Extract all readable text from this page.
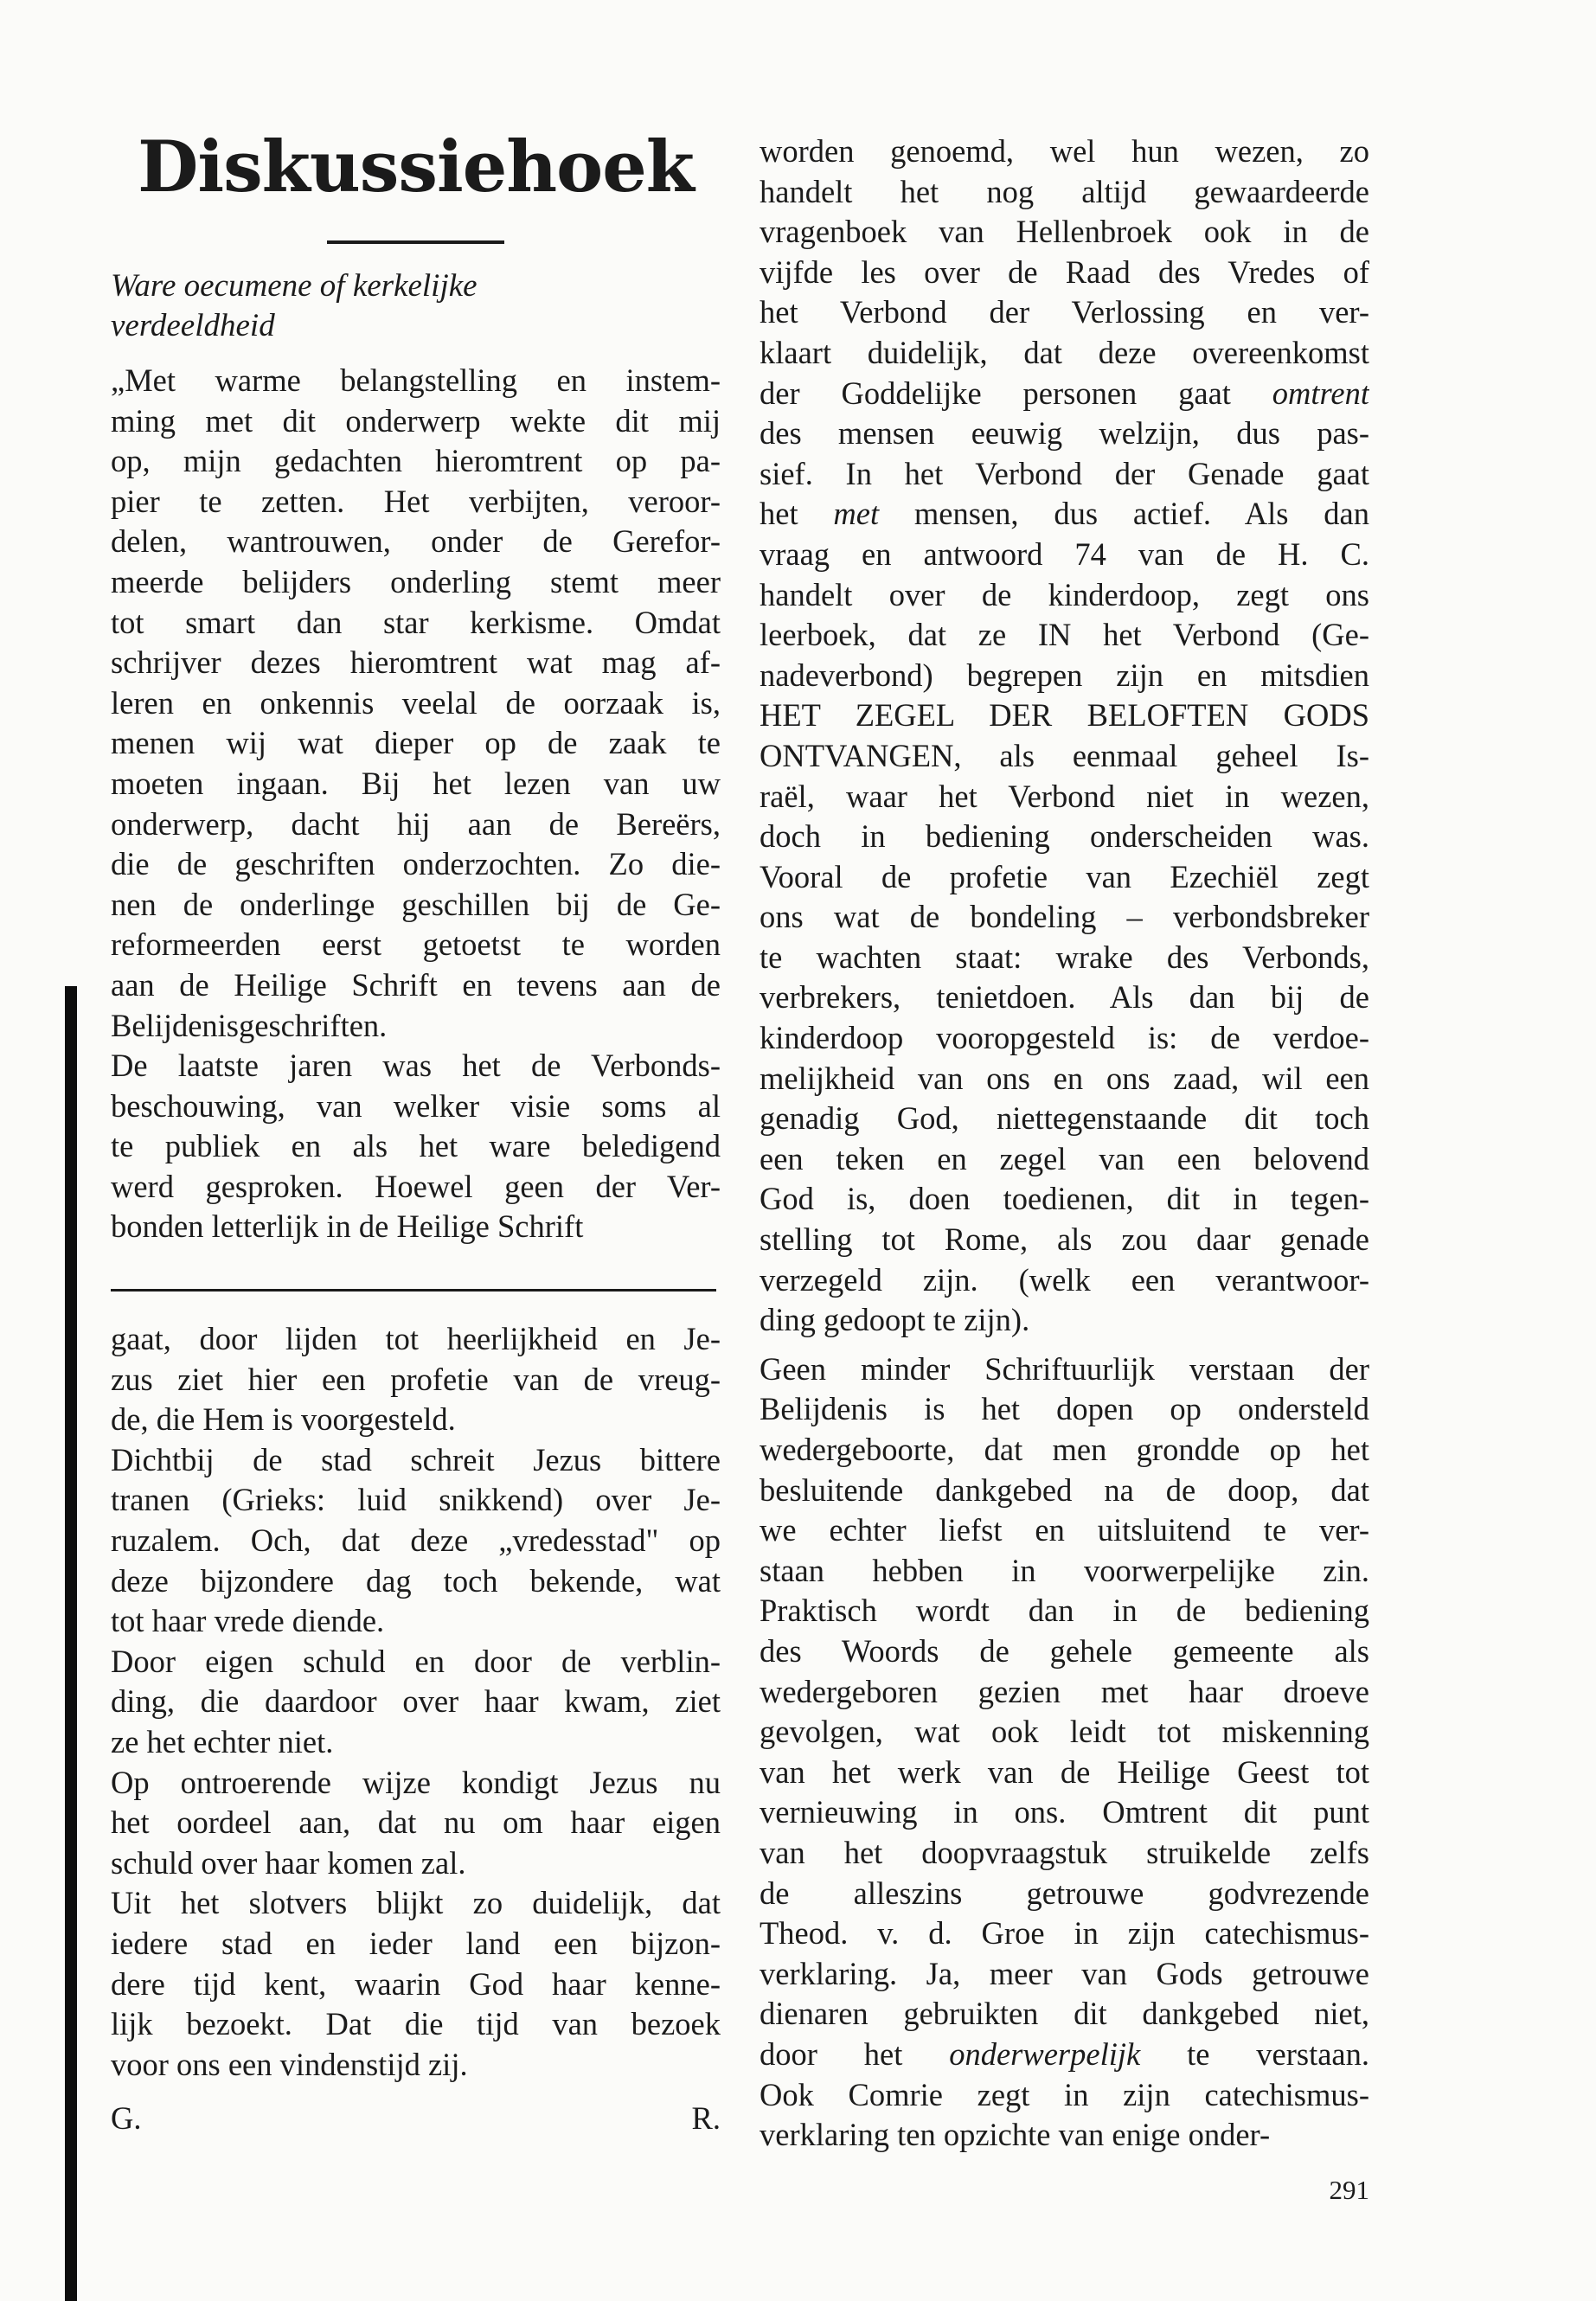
Diskussiehoek
Ware oecumene of kerkelijke
verdeeldheid

„Met warme belangstelling en instem-
ming met dit onderwerp wekte dit mij
op, mijn gedachten hieromtrent op pa-
pier te zetten. Het verbijten, veroor-
delen, wantrouwen, onder de Gerefor-
meerde belijders onderling stemt meer
tot smart dan star kerkisme. Omdat
schrijver dezes hieromtrent wat mag af-
leren en onkennis veelal de oorzaak is,
menen wij wat dieper op de zaak te
moeten ingaan. Bij het lezen van uw
onderwerp, dacht hij aan de Bereërs,
die de geschriften onderzochten. Zo die-
nen de onderlinge geschillen bij de Ge-
reformeerden eerst getoetst te worden
aan de Heilige Schrift en tevens aan de
Belijdenisgeschriften.

De laatste jaren was het de Verbonds-
beschouwing, van welker visie soms al
te publiek en als het ware beledigend
werd gesproken. Hoewel geen der Ver-
bonden letterlijk in de Heilige Schrift

gaat, door lijden tot heerlijkheid en Je-
zus ziet hier een profetie van de vreug-
de, die Hem is voorgesteld.

Dichtbij de stad schreit Jezus bittere
tranen (Grieks: luid snikkend) over Je-
ruzalem. Och, dat deze „vredesstad" op
deze bijzondere dag toch bekende, wat
tot haar vrede diende.

Door eigen schuld en door de verblin-
ding, die daardoor over haar kwam, ziet
ze het echter niet.

Op ontroerende wijze kondigt Jezus nu
het oordeel aan, dat nu om haar eigen
schuld over haar komen zal.

Uit het slotvers blijkt zo duidelijk, dat
iedere stad en ieder land een bijzon-
dere tijd kent, waarin God haar kenne-
lijk bezoekt. Dat die tijd van bezoek
voor ons een vindenstijd zij.

G.	R.

worden genoemd, wel hun wezen, zo
handelt het nog altijd gewaardeerde
vragenboek van Hellenbroek ook in de
vijfde les over de Raad des Vredes of
het Verbond der Verlossing en ver-
klaart duidelijk, dat deze overeenkomst
der Goddelijke personen gaat omtrent
des mensen eeuwig welzijn, dus pas-
sief. In het Verbond der Genade gaat
het met mensen, dus actief. Als dan
vraag en antwoord 74 van de H. C.
handelt over de kinderdoop, zegt ons
leerboek, dat ze IN het Verbond (Ge-
nadeverbond) begrepen zijn en mitsdien
HET ZEGEL DER BELOFTEN GODS
ONTVANGEN, als eenmaal geheel Is-
raël, waar het Verbond niet in wezen,
doch in bediening onderscheiden was.
Vooral de profetie van Ezechiël zegt
ons wat de bondeling – verbondsbreker
te wachten staat: wrake des Verbonds,
verbrekers, tenietdoen. Als dan bij de
kinderdoop vooropgesteld is: de verdoe-
melijkheid van ons en ons zaad, wil een
genadig God, niettegenstaande dit toch
een teken en zegel van een belovend
God is, doen toedienen, dit in tegen-
stelling tot Rome, als zou daar genade
verzegeld zijn. (welk een verantwoor-
ding gedoopt te zijn).

Geen minder Schriftuurlijk verstaan der
Belijdenis is het dopen op ondersteld
wedergeboorte, dat men grondde op het
besluitende dankgebed na de doop, dat
we echter liefst en uitsluitend te ver-
staan hebben in voorwerpelijke zin.
Praktisch wordt dan in de bediening
des Woords de gehele gemeente als
wedergeboren gezien met haar droeve
gevolgen, wat ook leidt tot miskenning
van het werk van de Heilige Geest tot
vernieuwing in ons. Omtrent dit punt
van het doopvraagstuk struikelde zelfs
de alleszins getrouwe godvrezende
Theod. v. d. Groe in zijn catechismus-
verklaring. Ja, meer van Gods getrouwe
dienaren gebruikten dit dankgebed niet,
door het onderwerpelijk te verstaan.
Ook Comrie zegt in zijn catechismus-
verklaring ten opzichte van enige onder-

291
